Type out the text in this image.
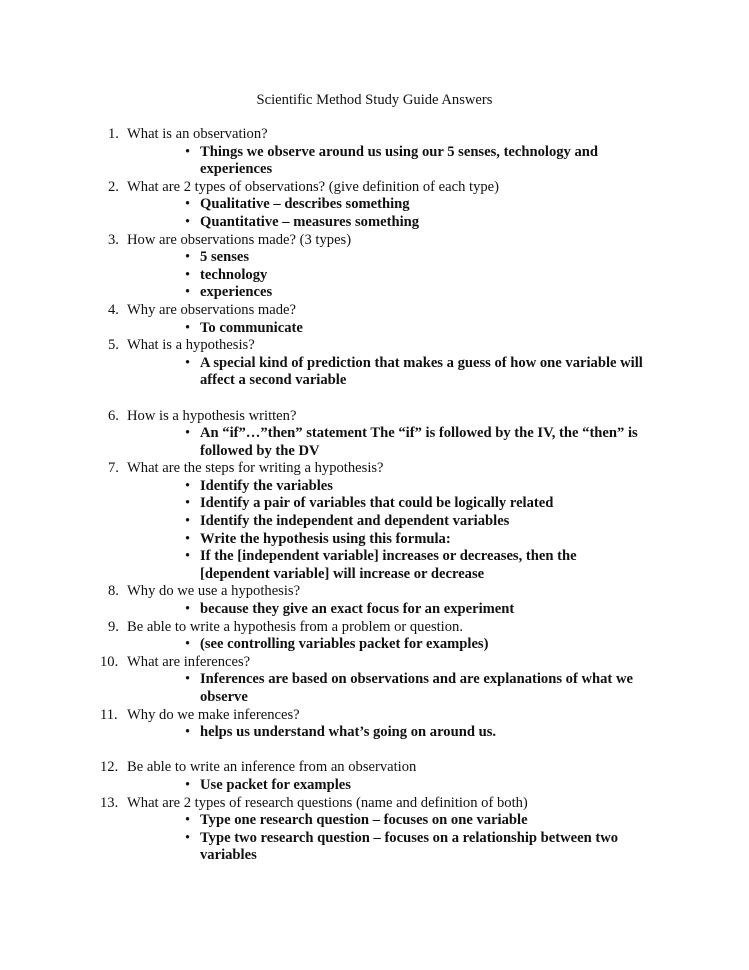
Scientific Method Study Guide Answers
1. What is an observation?
• Things we observe around us using our 5 senses, technology and experiences
2. What are 2 types of observations? (give definition of each type)
• Qualitative – describes something
• Quantitative – measures something
3. How are observations made? (3 types)
• 5 senses
• technology
• experiences
4. Why are observations made?
• To communicate
5. What is a hypothesis?
• A special kind of prediction that makes a guess of how one variable will affect a second variable
6. How is a hypothesis written?
• An “if”…”then” statement The “if” is followed by the IV, the “then” is followed by the DV
7. What are the steps for writing a hypothesis?
• Identify the variables
• Identify a pair of variables that could be logically related
• Identify the independent and dependent variables
• Write the hypothesis using this formula:
• If the [independent variable] increases or decreases, then the [dependent variable] will increase or decrease
8. Why do we use a hypothesis?
• because they give an exact focus for an experiment
9. Be able to write a hypothesis from a problem or question.
• (see controlling variables packet for examples)
10. What are inferences?
• Inferences are based on observations and are explanations of what we observe
11. Why do we make inferences?
• helps us understand what’s going on around us.
12. Be able to write an inference from an observation
• Use packet for examples
13. What are 2 types of research questions (name and definition of both)
• Type one research question – focuses on one variable
• Type two research question – focuses on a relationship between two variables
